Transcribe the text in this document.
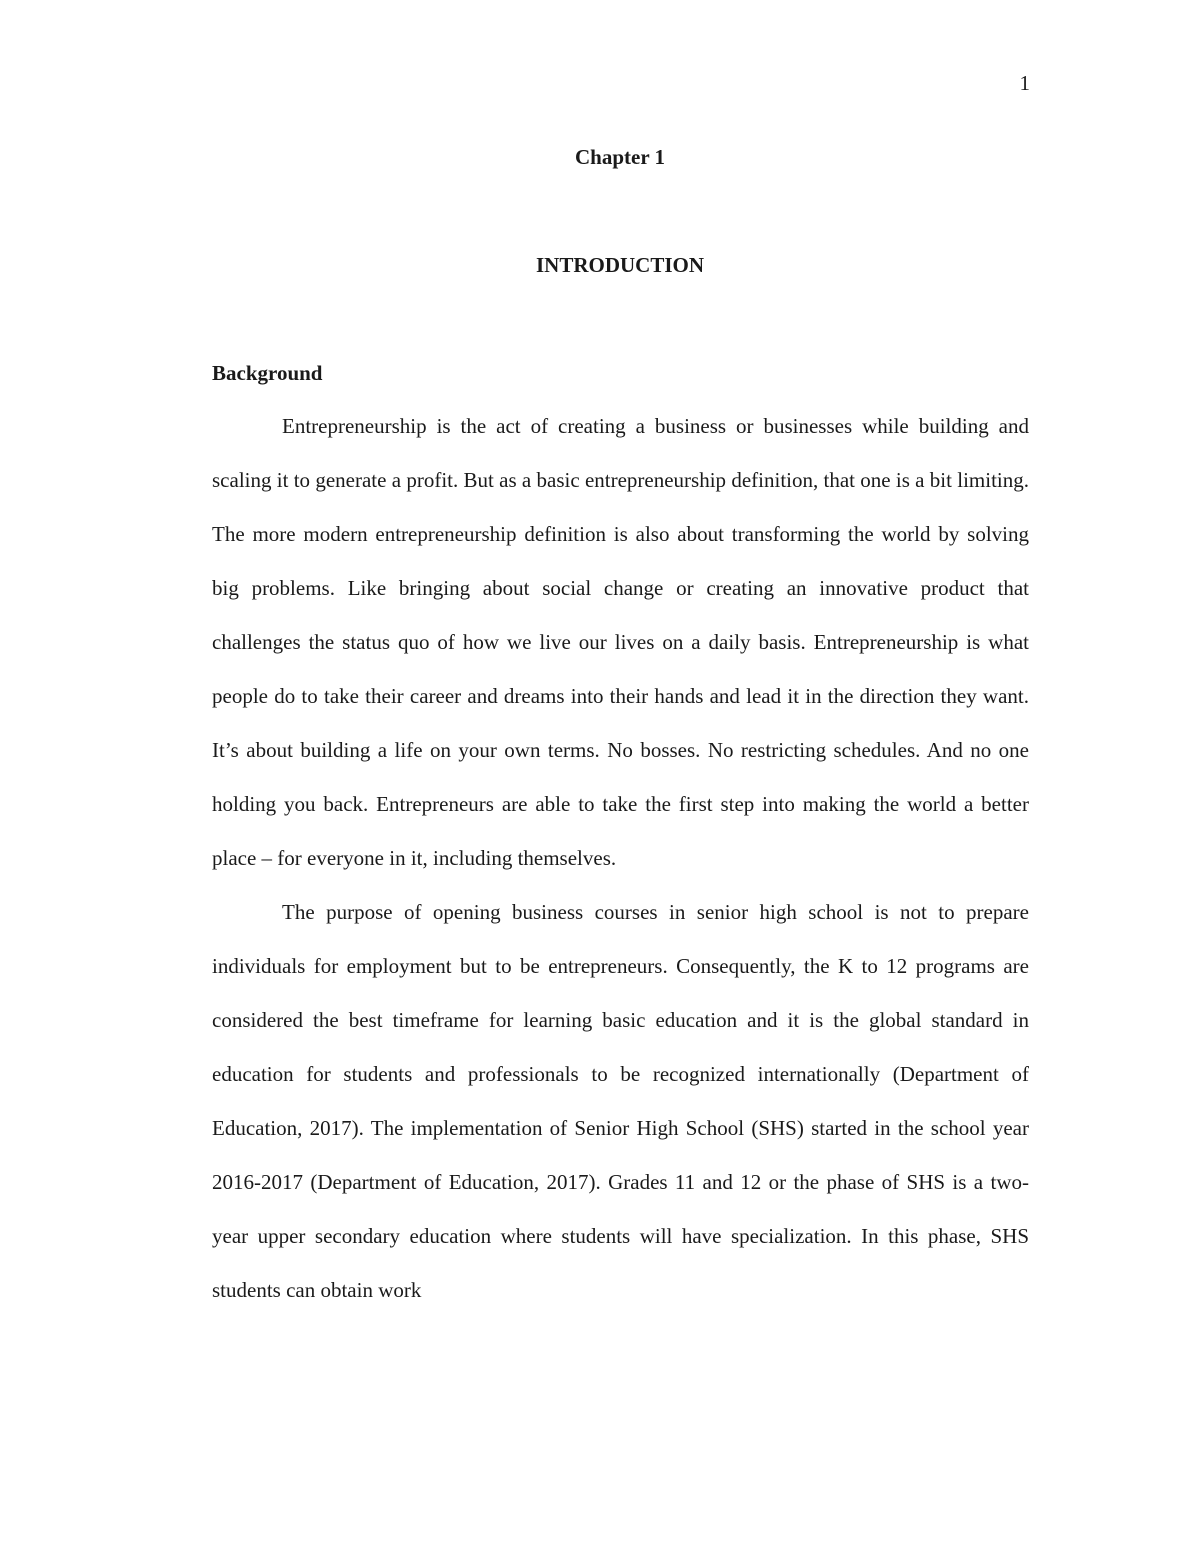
1
Chapter 1
INTRODUCTION
Background

Entrepreneurship is the act of creating a business or businesses while building and scaling it to generate a profit. But as a basic entrepreneurship definition, that one is a bit limiting. The more modern entrepreneurship definition is also about transforming the world by solving big problems. Like bringing about social change or creating an innovative product that challenges the status quo of how we live our lives on a daily basis. Entrepreneurship is what people do to take their career and dreams into their hands and lead it in the direction they want. It’s about building a life on your own terms. No bosses. No restricting schedules. And no one holding you back. Entrepreneurs are able to take the first step into making the world a better place – for everyone in it, including themselves.

The purpose of opening business courses in senior high school is not to prepare individuals for employment but to be entrepreneurs. Consequently, the K to 12 programs are considered the best timeframe for learning basic education and it is the global standard in education for students and professionals to be recognized internationally (Department of Education, 2017). The implementation of Senior High School (SHS) started in the school year 2016-2017 (Department of Education, 2017). Grades 11 and 12 or the phase of SHS is a two-year upper secondary education where students will have specialization. In this phase, SHS students can obtain work
